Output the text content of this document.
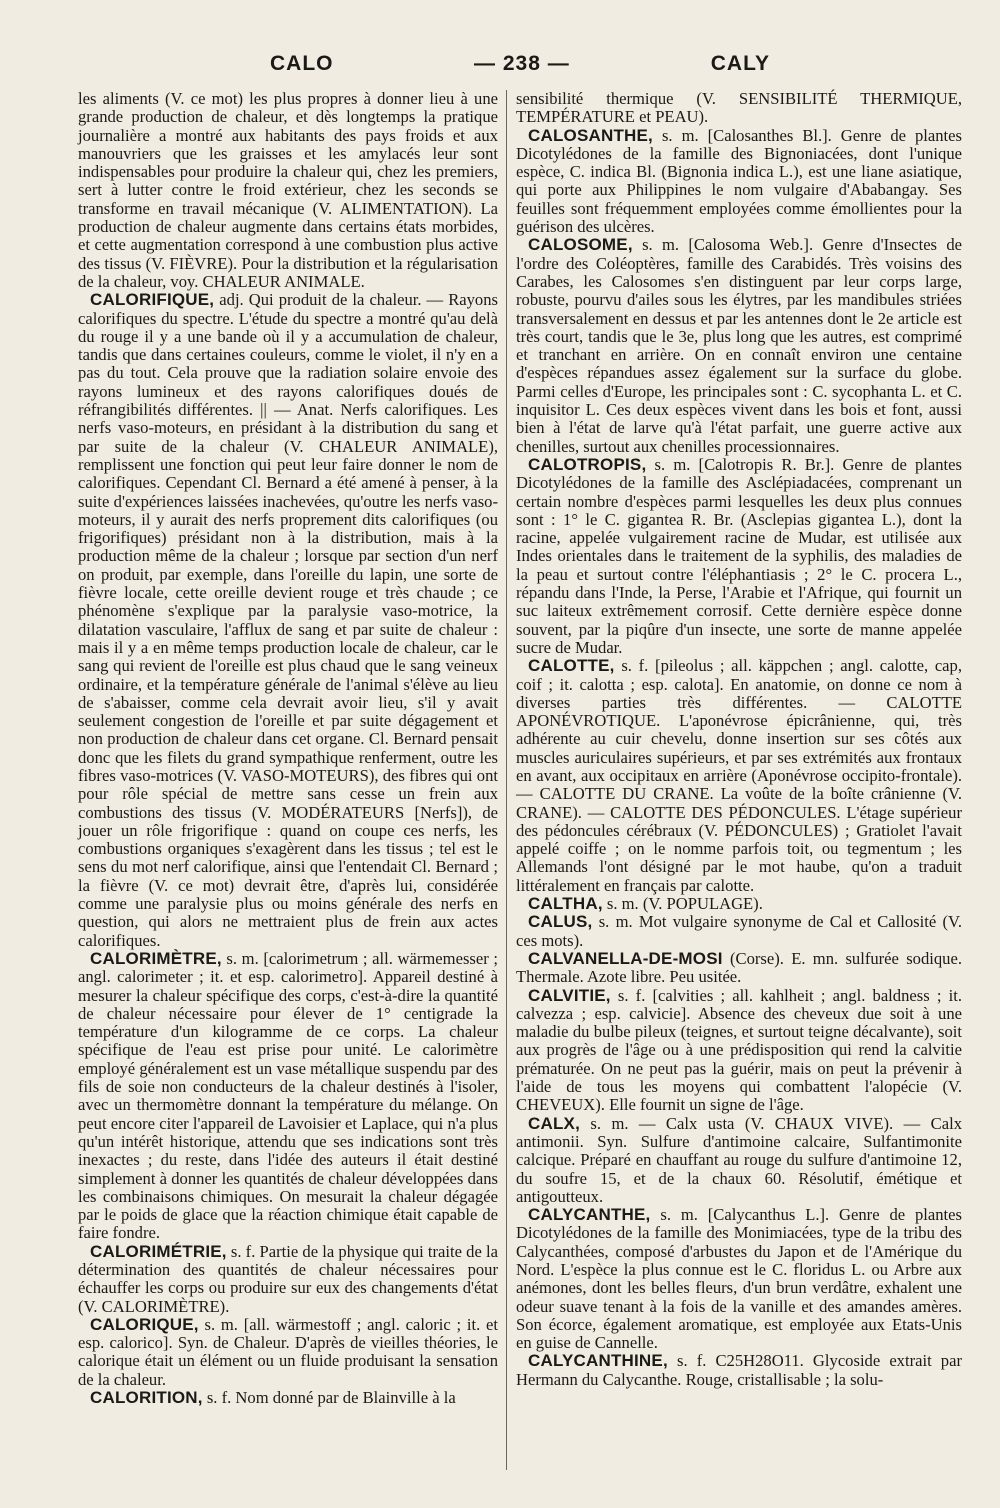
CALO	— 238 —	CALY

les aliments (V. ce mot) les plus propres à donner lieu à une grande production de chaleur, et dès longtemps la pratique journalière a montré aux habitants des pays froids et aux manouvriers que les graisses et les amylacés leur sont indispensables pour produire la chaleur qui, chez les premiers, sert à lutter contre le froid extérieur, chez les seconds se transforme en travail mécanique (V. ALIMENTATION). La production de chaleur augmente dans certains états morbides, et cette augmentation correspond à une combustion plus active des tissus (V. FIÈVRE). Pour la distribution et la régularisation de la chaleur, voy. CHALEUR ANIMALE.

CALORIFIQUE, adj. Qui produit de la chaleur. — Rayons calorifiques du spectre. L'étude du spectre a montré qu'au delà du rouge il y a une bande où il y a accumulation de chaleur, tandis que dans certaines couleurs, comme le violet, il n'y en a pas du tout. Cela prouve que la radiation solaire envoie des rayons lumineux et des rayons calorifiques doués de réfrangibilités différentes. || — Anat. Nerfs calorifiques. Les nerfs vaso-moteurs, en présidant à la distribution du sang et par suite de la chaleur (V. CHALEUR ANIMALE), remplissent une fonction qui peut leur faire donner le nom de calorifiques. Cependant Cl. Bernard a été amené à penser, à la suite d'expériences laissées inachevées, qu'outre les nerfs vaso-moteurs, il y aurait des nerfs proprement dits calorifiques (ou frigorifiques) présidant non à la distribution, mais à la production même de la chaleur ; lorsque par section d'un nerf on produit, par exemple, dans l'oreille du lapin, une sorte de fièvre locale, cette oreille devient rouge et très chaude ; ce phénomène s'explique par la paralysie vaso-motrice, la dilatation vasculaire, l'afflux de sang et par suite de chaleur : mais il y a en même temps production locale de chaleur, car le sang qui revient de l'oreille est plus chaud que le sang veineux ordinaire, et la température générale de l'animal s'élève au lieu de s'abaisser, comme cela devrait avoir lieu, s'il y avait seulement congestion de l'oreille et par suite dégagement et non production de chaleur dans cet organe. Cl. Bernard pensait donc que les filets du grand sympathique renferment, outre les fibres vaso-motrices (V. VASO-MOTEURS), des fibres qui ont pour rôle spécial de mettre sans cesse un frein aux combustions des tissus (V. MODÉRATEURS [Nerfs]), de jouer un rôle frigorifique : quand on coupe ces nerfs, les combustions organiques s'exagèrent dans les tissus ; tel est le sens du mot nerf calorifique, ainsi que l'entendait Cl. Bernard ; la fièvre (V. ce mot) devrait être, d'après lui, considérée comme une paralysie plus ou moins générale des nerfs en question, qui alors ne mettraient plus de frein aux actes calorifiques.

CALORIMÈTRE, s. m. [calorimetrum ; all. wärmemesser ; angl. calorimeter ; it. et esp. calorimetro]. Appareil destiné à mesurer la chaleur spécifique des corps, c'est-à-dire la quantité de chaleur nécessaire pour élever de 1° centigrade la température d'un kilogramme de ce corps. La chaleur spécifique de l'eau est prise pour unité. Le calorimètre employé généralement est un vase métallique suspendu par des fils de soie non conducteurs de la chaleur destinés à l'isoler, avec un thermomètre donnant la température du mélange. On peut encore citer l'appareil de Lavoisier et Laplace, qui n'a plus qu'un intérêt historique, attendu que ses indications sont très inexactes ; du reste, dans l'idée des auteurs il était destiné simplement à donner les quantités de chaleur développées dans les combinaisons chimiques. On mesurait la chaleur dégagée par le poids de glace que la réaction chimique était capable de faire fondre.

CALORIMÉTRIE, s. f. Partie de la physique qui traite de la détermination des quantités de chaleur nécessaires pour échauffer les corps ou produire sur eux des changements d'état (V. CALORIMÈTRE).

CALORIQUE, s. m. [all. wärmestoff ; angl. caloric ; it. et esp. calorico]. Syn. de Chaleur. D'après de vieilles théories, le calorique était un élément ou un fluide produisant la sensation de la chaleur.

CALORITION, s. f. Nom donné par de Blainville à la

sensibilité thermique (V. SENSIBILITÉ THERMIQUE, TEMPÉRATURE et PEAU).

CALOSANTHE, s. m. [Calosanthes Bl.]. Genre de plantes Dicotylédones de la famille des Bignoniacées, dont l'unique espèce, C. indica Bl. (Bignonia indica L.), est une liane asiatique, qui porte aux Philippines le nom vulgaire d'Ababangay. Ses feuilles sont fréquemment employées comme émollientes pour la guérison des ulcères.

CALOSOME, s. m. [Calosoma Web.]. Genre d'Insectes de l'ordre des Coléoptères, famille des Carabidés. Très voisins des Carabes, les Calosomes s'en distinguent par leur corps large, robuste, pourvu d'ailes sous les élytres, par les mandibules striées transversalement en dessus et par les antennes dont le 2e article est très court, tandis que le 3e, plus long que les autres, est comprimé et tranchant en arrière. On en connaît environ une centaine d'espèces répandues assez également sur la surface du globe. Parmi celles d'Europe, les principales sont : C. sycophanta L. et C. inquisitor L. Ces deux espèces vivent dans les bois et font, aussi bien à l'état de larve qu'à l'état parfait, une guerre active aux chenilles, surtout aux chenilles processionnaires.

CALOTROPIS, s. m. [Calotropis R. Br.]. Genre de plantes Dicotylédones de la famille des Asclépiadacées, comprenant un certain nombre d'espèces parmi lesquelles les deux plus connues sont : 1° le C. gigantea R. Br. (Asclepias gigantea L.), dont la racine, appelée vulgairement racine de Mudar, est utilisée aux Indes orientales dans le traitement de la syphilis, des maladies de la peau et surtout contre l'éléphantiasis ; 2° le C. procera L., répandu dans l'Inde, la Perse, l'Arabie et l'Afrique, qui fournit un suc laiteux extrêmement corrosif. Cette dernière espèce donne souvent, par la piqûre d'un insecte, une sorte de manne appelée sucre de Mudar.

CALOTTE, s. f. [pileolus ; all. käppchen ; angl. calotte, cap, coif ; it. calotta ; esp. calota]. En anatomie, on donne ce nom à diverses parties très différentes. — CALOTTE APONÉVROTIQUE. L'aponévrose épicrânienne, qui, très adhérente au cuir chevelu, donne insertion sur ses côtés aux muscles auriculaires supérieurs, et par ses extrémités aux frontaux en avant, aux occipitaux en arrière (Aponévrose occipito-frontale). — CALOTTE DU CRANE. La voûte de la boîte crânienne (V. CRANE). — CALOTTE DES PÉDONCULES. L'étage supérieur des pédoncules cérébraux (V. PÉDONCULES) ; Gratiolet l'avait appelé coiffe ; on le nomme parfois toit, ou tegmentum ; les Allemands l'ont désigné par le mot haube, qu'on a traduit littéralement en français par calotte.

CALTHA, s. m. (V. POPULAGE).

CALUS, s. m. Mot vulgaire synonyme de Cal et Callosité (V. ces mots).

CALVANELLA-DE-MOSI (Corse). E. mn. sulfurée sodique. Thermale. Azote libre. Peu usitée.

CALVITIE, s. f. [calvities ; all. kahlheit ; angl. baldness ; it. calvezza ; esp. calvicie]. Absence des cheveux due soit à une maladie du bulbe pileux (teignes, et surtout teigne décalvante), soit aux progrès de l'âge ou à une prédisposition qui rend la calvitie prématurée. On ne peut pas la guérir, mais on peut la prévenir à l'aide de tous les moyens qui combattent l'alopécie (V. CHEVEUX). Elle fournit un signe de l'âge.

CALX, s. m. — Calx usta (V. CHAUX VIVE). — Calx antimonii. Syn. Sulfure d'antimoine calcaire, Sulfantimonite calcique. Préparé en chauffant au rouge du sulfure d'antimoine 12, du soufre 15, et de la chaux 60. Résolutif, émétique et antigoutteux.

CALYCANTHE, s. m. [Calycanthus L.]. Genre de plantes Dicotylédones de la famille des Monimiacées, type de la tribu des Calycanthées, composé d'arbustes du Japon et de l'Amérique du Nord. L'espèce la plus connue est le C. floridus L. ou Arbre aux anémones, dont les belles fleurs, d'un brun verdâtre, exhalent une odeur suave tenant à la fois de la vanille et des amandes amères. Son écorce, également aromatique, est employée aux Etats-Unis en guise de Cannelle.

CALYCANTHINE, s. f. C25H28O11. Glycoside extrait par Hermann du Calycanthe. Rouge, cristallisable ; la solu-
